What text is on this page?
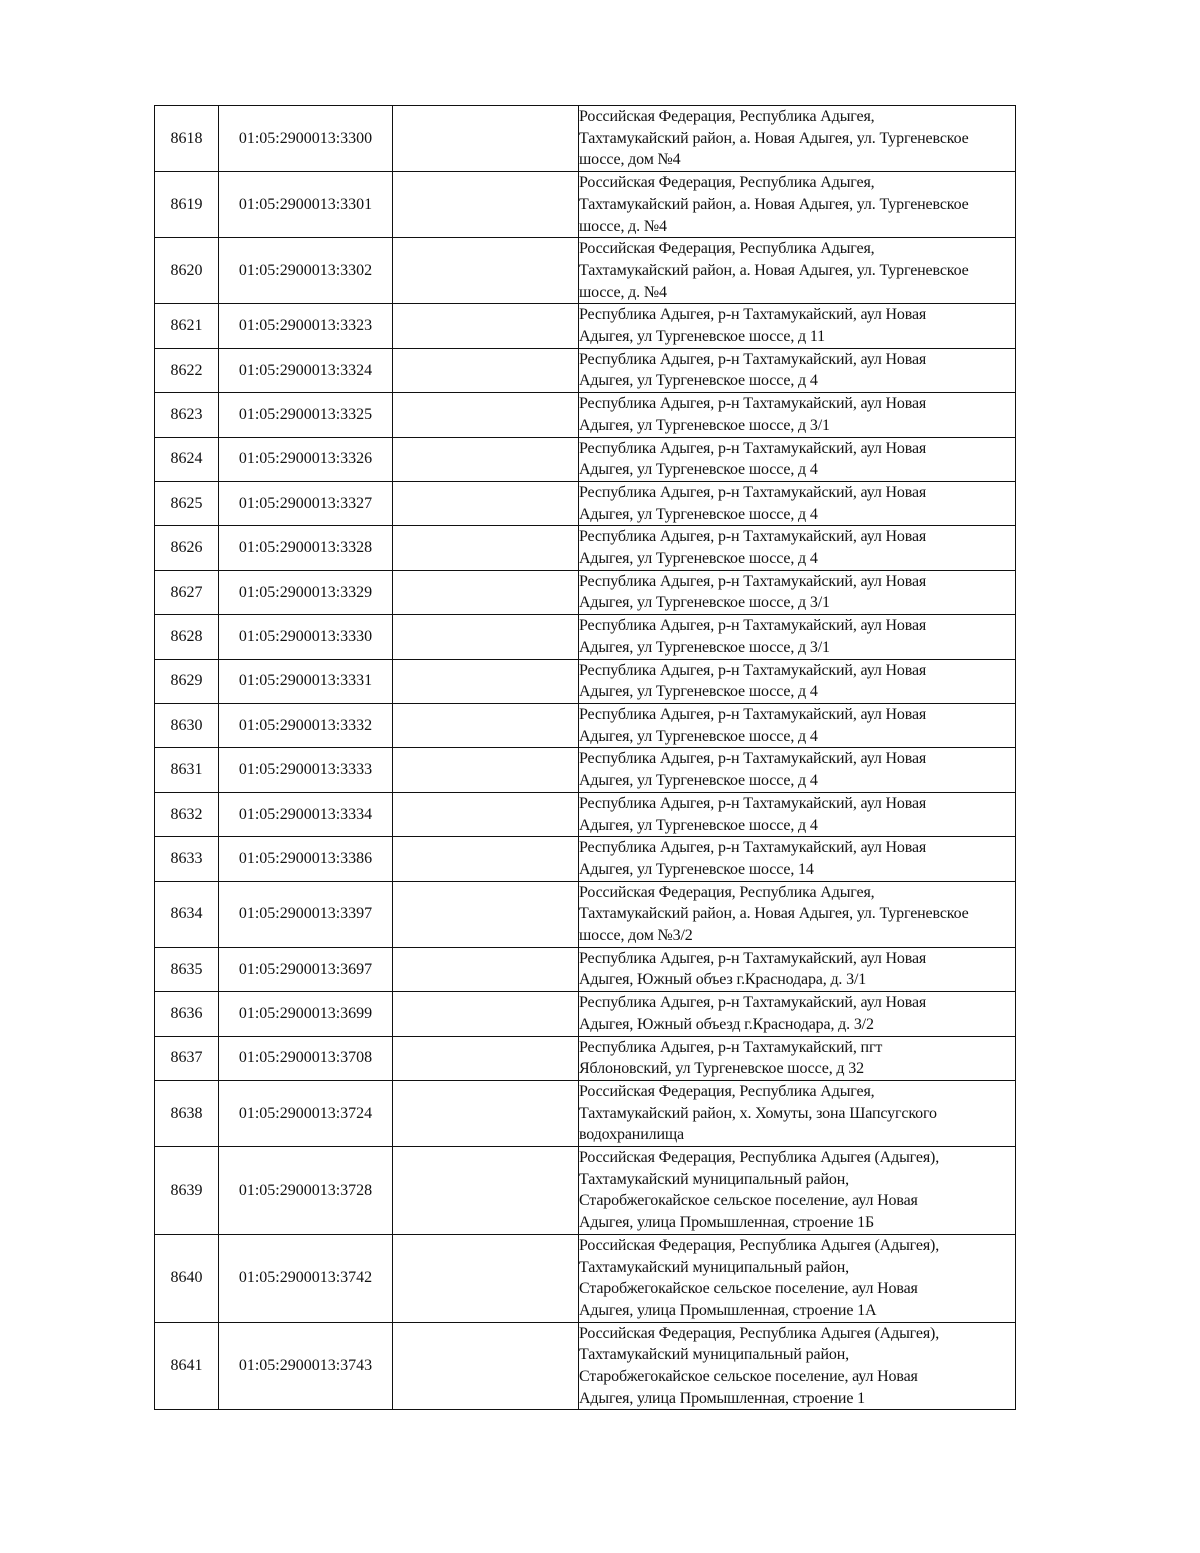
8618	01:05:2900013:3300		Российская Федерация, Республика Адыгея,
Тахтамукайский район, а. Новая Адыгея, ул. Тургеневское
шоссе, дом №4
8619	01:05:2900013:3301		Российская Федерация, Республика Адыгея,
Тахтамукайский район, а. Новая Адыгея, ул. Тургеневское
шоссе, д. №4
8620	01:05:2900013:3302		Российская Федерация, Республика Адыгея,
Тахтамукайский район, а. Новая Адыгея, ул. Тургеневское
шоссе, д. №4
8621	01:05:2900013:3323		Республика Адыгея, р-н Тахтамукайский, аул Новая
Адыгея, ул Тургеневское шоссе, д 11
8622	01:05:2900013:3324		Республика Адыгея, р-н Тахтамукайский, аул Новая
Адыгея, ул Тургеневское шоссе, д 4
8623	01:05:2900013:3325		Республика Адыгея, р-н Тахтамукайский, аул Новая
Адыгея, ул Тургеневское шоссе, д 3/1
8624	01:05:2900013:3326		Республика Адыгея, р-н Тахтамукайский, аул Новая
Адыгея, ул Тургеневское шоссе, д 4
8625	01:05:2900013:3327		Республика Адыгея, р-н Тахтамукайский, аул Новая
Адыгея, ул Тургеневское шоссе, д 4
8626	01:05:2900013:3328		Республика Адыгея, р-н Тахтамукайский, аул Новая
Адыгея, ул Тургеневское шоссе, д 4
8627	01:05:2900013:3329		Республика Адыгея, р-н Тахтамукайский, аул Новая
Адыгея, ул Тургеневское шоссе, д 3/1
8628	01:05:2900013:3330		Республика Адыгея, р-н Тахтамукайский, аул Новая
Адыгея, ул Тургеневское шоссе, д 3/1
8629	01:05:2900013:3331		Республика Адыгея, р-н Тахтамукайский, аул Новая
Адыгея, ул Тургеневское шоссе, д 4
8630	01:05:2900013:3332		Республика Адыгея, р-н Тахтамукайский, аул Новая
Адыгея, ул Тургеневское шоссе, д 4
8631	01:05:2900013:3333		Республика Адыгея, р-н Тахтамукайский, аул Новая
Адыгея, ул Тургеневское шоссе, д 4
8632	01:05:2900013:3334		Республика Адыгея, р-н Тахтамукайский, аул Новая
Адыгея, ул Тургеневское шоссе, д 4
8633	01:05:2900013:3386		Республика Адыгея, р-н Тахтамукайский, аул Новая
Адыгея, ул Тургеневское шоссе, 14
8634	01:05:2900013:3397		Российская Федерация, Республика Адыгея,
Тахтамукайский район, а. Новая Адыгея, ул. Тургеневское
шоссе, дом №3/2
8635	01:05:2900013:3697		Республика Адыгея, р-н Тахтамукайский, аул Новая
Адыгея, Южный объез г.Краснодара, д. 3/1
8636	01:05:2900013:3699		Республика Адыгея, р-н Тахтамукайский, аул Новая
Адыгея, Южный объезд г.Краснодара, д. 3/2
8637	01:05:2900013:3708		Республика Адыгея, р-н Тахтамукайский, пгт
Яблоновский, ул Тургеневское шоссе, д 32
8638	01:05:2900013:3724		Российская Федерация, Республика Адыгея,
Тахтамукайский район, х. Хомуты, зона Шапсугского
водохранилища
8639	01:05:2900013:3728		Российская Федерация, Республика Адыгея (Адыгея),
Тахтамукайский муниципальный район,
Старобжегокайское сельское поселение, аул Новая
Адыгея, улица Промышленная, строение 1Б
8640	01:05:2900013:3742		Российская Федерация, Республика Адыгея (Адыгея),
Тахтамукайский муниципальный район,
Старобжегокайское сельское поселение, аул Новая
Адыгея, улица Промышленная, строение 1А
8641	01:05:2900013:3743		Российская Федерация, Республика Адыгея (Адыгея),
Тахтамукайский муниципальный район,
Старобжегокайское сельское поселение, аул Новая
Адыгея, улица Промышленная, строение 1
